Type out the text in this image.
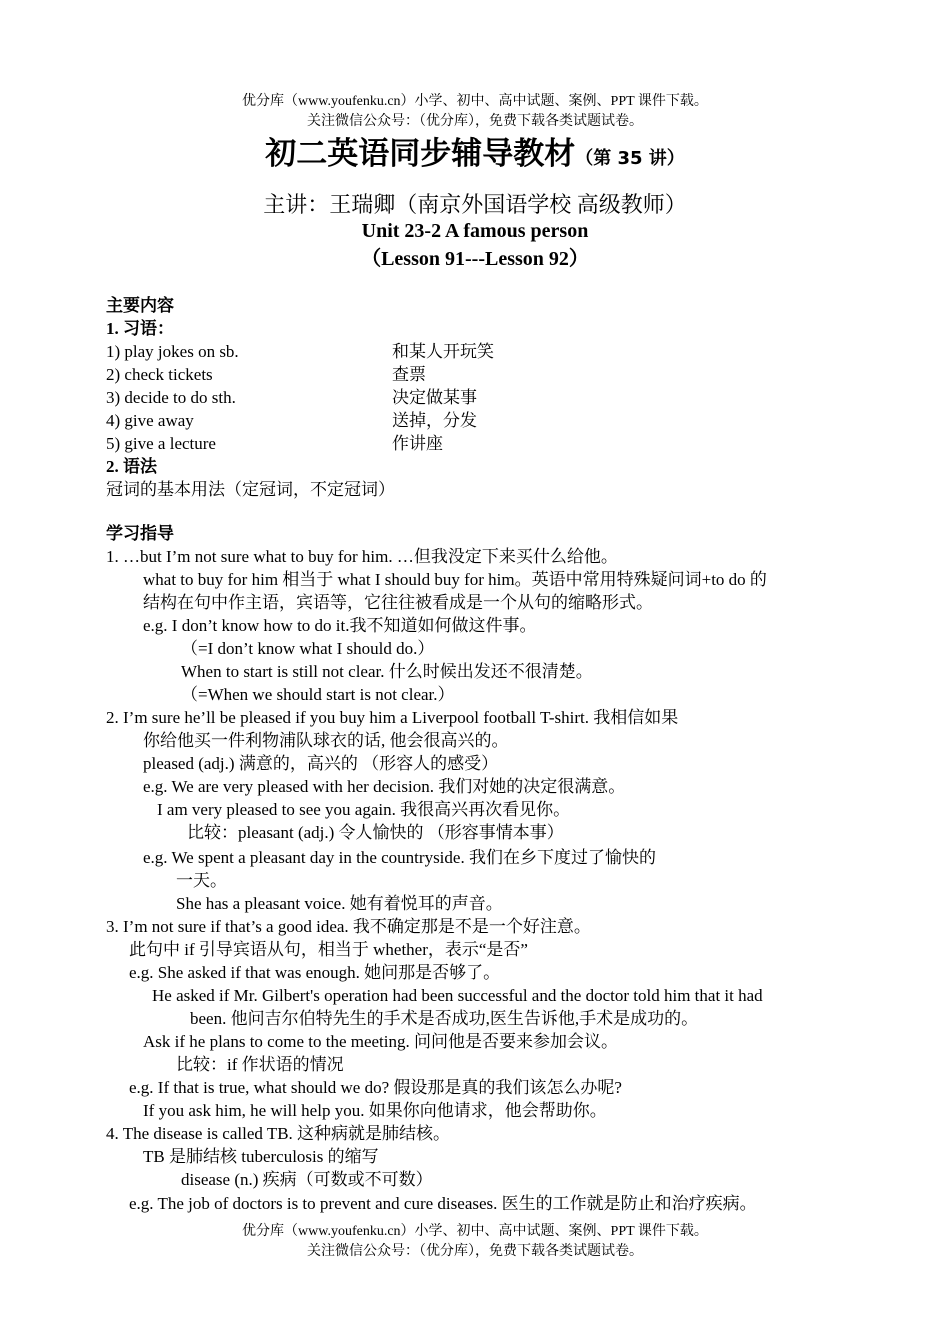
优分库（www.youfenku.cn）小学、初中、高中试题、案例、PPT 课件下载。
关注微信公众号：（优分库），免费下载各类试题试卷。
初二英语同步辅导教材（第 35 讲）
主讲：王瑞卿（南京外国语学校 高级教师）
Unit 23-2 A famous person
（Lesson 91---Lesson 92）
主要内容
1. 习语：
1) play jokes on sb.	和某人开玩笑
2) check tickets	查票
3) decide to do sth.	决定做某事
4) give away	送掉，分发
5) give a lecture	作讲座
2. 语法
冠词的基本用法（定冠词，不定冠词）
学习指导
1. …but I’m not sure what to buy for him. …但我没定下来买什么给他。
what to buy for him 相当于 what I should buy for him。英语中常用特殊疑问词+to do 的
结构在句中作主语，宾语等，它往往被看成是一个从句的缩略形式。
e.g. I don’t know how to do it.我不知道如何做这件事。
（=I don’t know what I should do.）
When to start is still not clear. 什么时候出发还不很清楚。
（=When we should start is not clear.）
2. I’m sure he’ll be pleased if you buy him a Liverpool football T-shirt. 我相信如果
你给他买一件利物浦队球衣的话, 他会很高兴的。
pleased (adj.) 满意的，高兴的 （形容人的感受）
e.g. We are very pleased with her decision. 我们对她的决定很满意。
I am very pleased to see you again. 我很高兴再次看见你。
比较：pleasant (adj.) 令人愉快的 （形容事情本事）
e.g. We spent a pleasant day in the countryside. 我们在乡下度过了愉快的
一天。
She has a pleasant voice. 她有着悦耳的声音。
3. I’m not sure if that’s a good idea. 我不确定那是不是一个好注意。
此句中 if 引导宾语从句，相当于 whether，表示“是否”
e.g. She asked if that was enough. 她问那是否够了。
He asked if Mr. Gilbert's operation had been successful and the doctor told him that it had
been. 他问吉尔伯特先生的手术是否成功,医生告诉他,手术是成功的。
Ask if he plans to come to the meeting. 问问他是否要来参加会议。
比较：if 作状语的情况
e.g. If that is true, what should we do? 假设那是真的我们该怎么办呢?
If you ask him, he will help you. 如果你向他请求，他会帮助你。
4. The disease is called TB. 这种病就是肺结核。
TB 是肺结核 tuberculosis 的缩写
disease (n.) 疾病（可数或不可数）
e.g. The job of doctors is to prevent and cure diseases. 医生的工作就是防止和治疗疾病。
优分库（www.youfenku.cn）小学、初中、高中试题、案例、PPT 课件下载。
关注微信公众号：（优分库），免费下载各类试题试卷。
